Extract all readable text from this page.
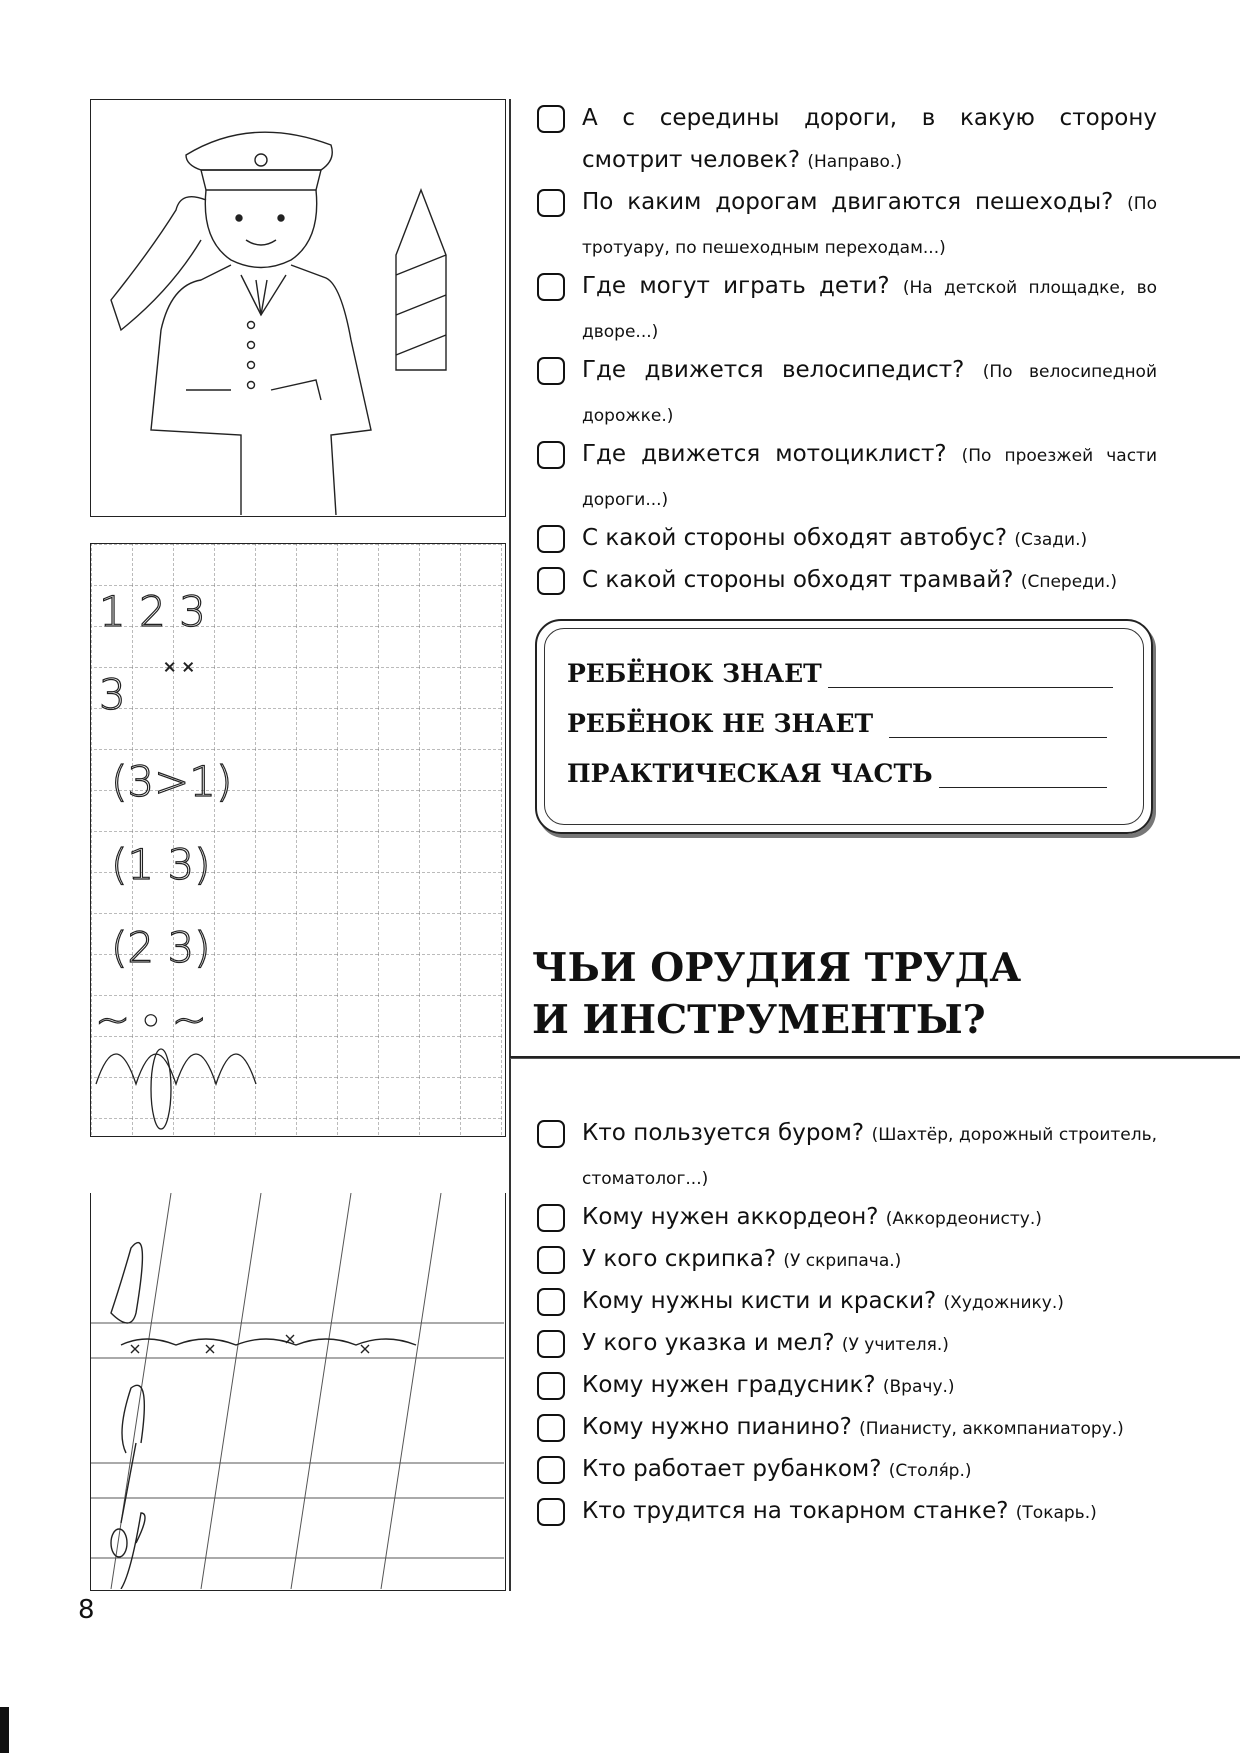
1 2 3
3
× ×
(3>1)
(1 3)
(2 3)
~ • ~
8
А с середины дороги, в какую сторону смотрит человек? (Направо.)
По каким дорогам двигаются пешеходы? (По тротуару, по пешеходным переходам...)
Где могут играть дети? (На детской площадке, во дворе...)
Где движется велосипедист? (По велосипедной дорожке.)
Где движется мотоциклист? (По проезжей части дороги...)
С какой стороны обходят автобус? (Сзади.)
С какой стороны обходят трамвай? (Спереди.)
РЕБЁНОК ЗНАЕТ
РЕБЁНОК НЕ ЗНАЕТ
ПРАКТИЧЕСКАЯ ЧАСТЬ
ЧЬИ ОРУДИЯ ТРУДА
И ИНСТРУМЕНТЫ?
Кто пользуется буром? (Шахтёр, дорожный строитель, стоматолог...)
Кому нужен аккордеон? (Аккордеонисту.)
У кого скрипка? (У скрипача.)
Кому нужны кисти и краски? (Художнику.)
У кого указка и мел? (У учителя.)
Кому нужен градусник? (Врачу.)
Кому нужно пианино? (Пианисту, аккомпаниатору.)
Кто работает рубанком? (Столя́р.)
Кто трудится на токарном станке? (Токарь.)
